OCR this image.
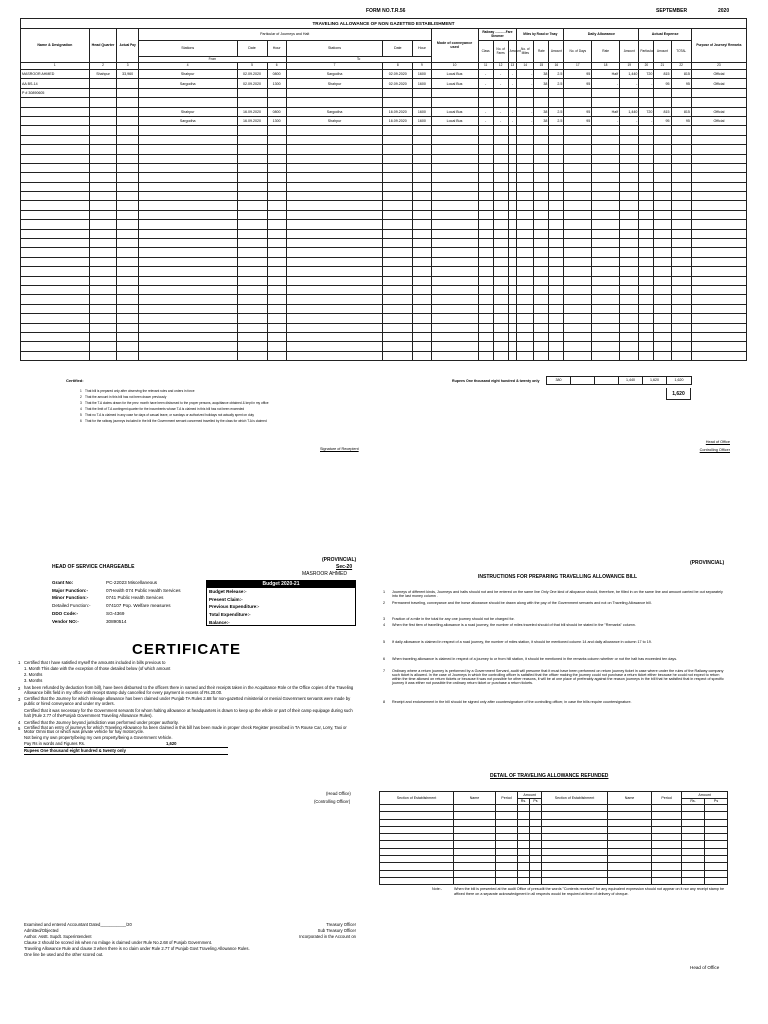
FORM NO.T.R.56	SEPTEMBER	2020
TRAVELING ALLOWANCE OF NON GAZETTED ESTABLISHMENT																						
Name & Designation	Head Quarter	Actual Pay	Particular of Journeys and Halt						Mode of conveyance used	Railway ............Fare Steamer			Miles by Road or Tway			Daily Allowance			Actual Expense			Purpose of Journey/ Remarks
			Stations	Date	Hour	Stations	Date	Hour		Class	No. of Fares	Amount	No. of Miles	Rate	Amount	No. of Days	Rate	Amount	Particular	Amount	TOTAL	
			From			To																
1	2	3	4	5	6	7	8	9	10	11	12	13	14	15	16	17	18	19	20	21	22	23
MASROOR AHMED	Shahpur	33,960	Shahpur	02.09.2020	0800	Sargodha	02.09.2020	1600	Local Bus	-	-	-	-	38	2.5	95	Half	1,440	720	815	815	Official
AA BS-14			Sargodha	02.09.2020	1300	Shahpur	02.09.2020	1600	Local Bus	-	-	-	-	38	2.5	95	-	-	-	95	95	Official
P # 30890605																						

			Shahpur	16.09.2020	0800	Sargodha	16.09.2020	1600	Local Bus	-	-	-	-	38	2.5	95	Half	1,440	720	815	815	Official
			Sargodha	16.09.2020	1300	Shahpur	16.09.2020	1600	Local Bus	-	-	-	-	38	2.5	95	-	-	-	95	95	Official

Certified:	Rupees One thousand eight hundred & twenty only	380			1,440	1,620	1,620
1,620
1 That bill is prepared only after observing the relevant rules and orders in force
2 That the amount in this bill has not been drawn previously
3 That the T.A claims drawn for the prev. month have been disbursed to the proper persons, acquittance obtained & kept in my office
4 That the limit of T.A contingent quarter for the incumbents whose T.A is claimed in this bill has not been exceeded
5 That no T.A is claimed in any case for days of casual leave, or sundays or authorized holidays not actually spent on duty
6 That for the railway journeys included in the bill the Government servant concerned travelled by the class for which T.A is claimed
Signature of Recepient
Head of Office
Controlling Officer
(PROVINCIAL)
Sec-20
MASROOR AHMED
HEAD OF SERVICE CHARGEABLE
Grant No:	PC-22023 Miscellaneous
Major Function:-	07Health 074 Public Health Services
Minor Function:-	0741 Public Health Services
Detailed Function:-	074107 Pop. Welfare measures
DDO Code:-	SG-4369
Vendor NO:-	30890514
Budget 2020-21
Budget Release:-
Present Claim:-
Previous Expenditure:-
Total Expenditure:-
Balance:-
CERTIFICATE
1 Certified that I have satisfied myself the amounts included in bills previous to
1. Month This date with the exception of those detailed below (of which amount
2. Months
3. Months
2 has been refunded by deduction from bill), have been disbursed to the officers there in named and their receipts taken in the Acquittance Role or the Office copies of the Traveling Allowance bills field in my office with receipt stamp duly cancelled for every payment in excess of Rs.20.00.
3 Certified that the Journey for which mileage allowance has been claimed under Punjab TA Rules 2.68 for non-gazetted ministerial or menial Government servants were made by public or hired conveyance and under my orders.
Certified that it was necessary for the Government servants for whom halting allowance at headquarters is drawn to keep up the whole or part of their camp equipage during such halt (Rule 2.77 of thePunjab Government Traveling Allowance Rules).
4 Certified that the Journey beyond jurisdiction was performed under proper authority.
5 Certified that an entry of journeys for which Traveling Allowance ha been claimed in this bill has been made in proper check Register prescribed in TA Rouse Car, Lorry, Taxi or Motor Omni Bus or which was private vehicle for hay motorcycle.
Not being my own property/being my own property/being a Government Vehicle.
Pay Rs in words and Figures Rs.	1,620
Rupees One thousand eight hundred & twenty only
(Head Office)
(Controlling Officer)
Examined and entered Accountant Dated___________/20
Admitted/Objected
Author. Asstt. Supdt. Superintendent
Clause 2 should be scored ink when no milage is claimed under Rule No.2.68 of Punjab Government.
Traveling Allowance Rule and clause 3 when there is no claim under Rule 2.77 of Punjab Govt Traveling Allowance Rules.
One line be used and the other scored out.
Treasury Officer
Sub Treasury Officer
Incorporated in the Account on
Head of Office
(PROVINCIAL)
INSTRUCTIONS FOR PREPARING TRAVELLING ALLOWANCE BILL
1	Journeys of different kinds, Journeys and halts should not and be entered on the same line Only One kind of allopance should, therefore, be filled in on the same line and amount carried be out separately into the last money column .
2	Permanent traveling, conveyance and the horse allowance should be drawn along with the pay of the Government servants and not on Traveling Allowance bill.
3	Fraction of a mile in the total for any one journey should not be charged for.
4	When the first item of travelling allowance is a road journey, the number of miles traveled should of that bill should be stated in the "Remarks" column.
5	If daily allowance is claimed in respect of a road journey, the number of miles station, it should be mentioned column 14 and daily allowance in column 17 to 19.
6	When traveling allowance is claimed in respect of a journey to or from hill station, it should be mentioned in the remarks column whether or not the halt has exceeded ten days.
7	Ordinary where a return journey is performed by a Government Servant, audit will presume that it must have been performed on return journey ticket in case where under the rules of the Railway company such ticket is allowed. In the case of Journeys in which the controlling officer is satisfied that the officer making the journey could not purchase a return ticket either because he could not expect to return within the time allowed on return tickets or because it was not possible for other reasons, it will be at one place of preferably against the reason journeys in the bill that he satisfied that in respect of specific journey it was either not possible the ordinary return ticket or purchase a return tickets.
8	Receipt and endorsement in the bill should be signed only after countersignature of the controlling officer, in case the bills require countersignature.
DETAIL OF TRAVELING ALLOWANCE REFUNDED
Section of Establishment	Name	Period	Amount		Section of Establishment	Name	Period	Amount	
			Rs.	Ps				Rs.	Ps

Note:-	When the bill is presented at the audit Office of presudit the words "Contents received" for any equivalent expression should not appear on it nor any receipt stamp be affixed there on a separate acknowledgment in all respects would be required at time of delivery of cheque.
